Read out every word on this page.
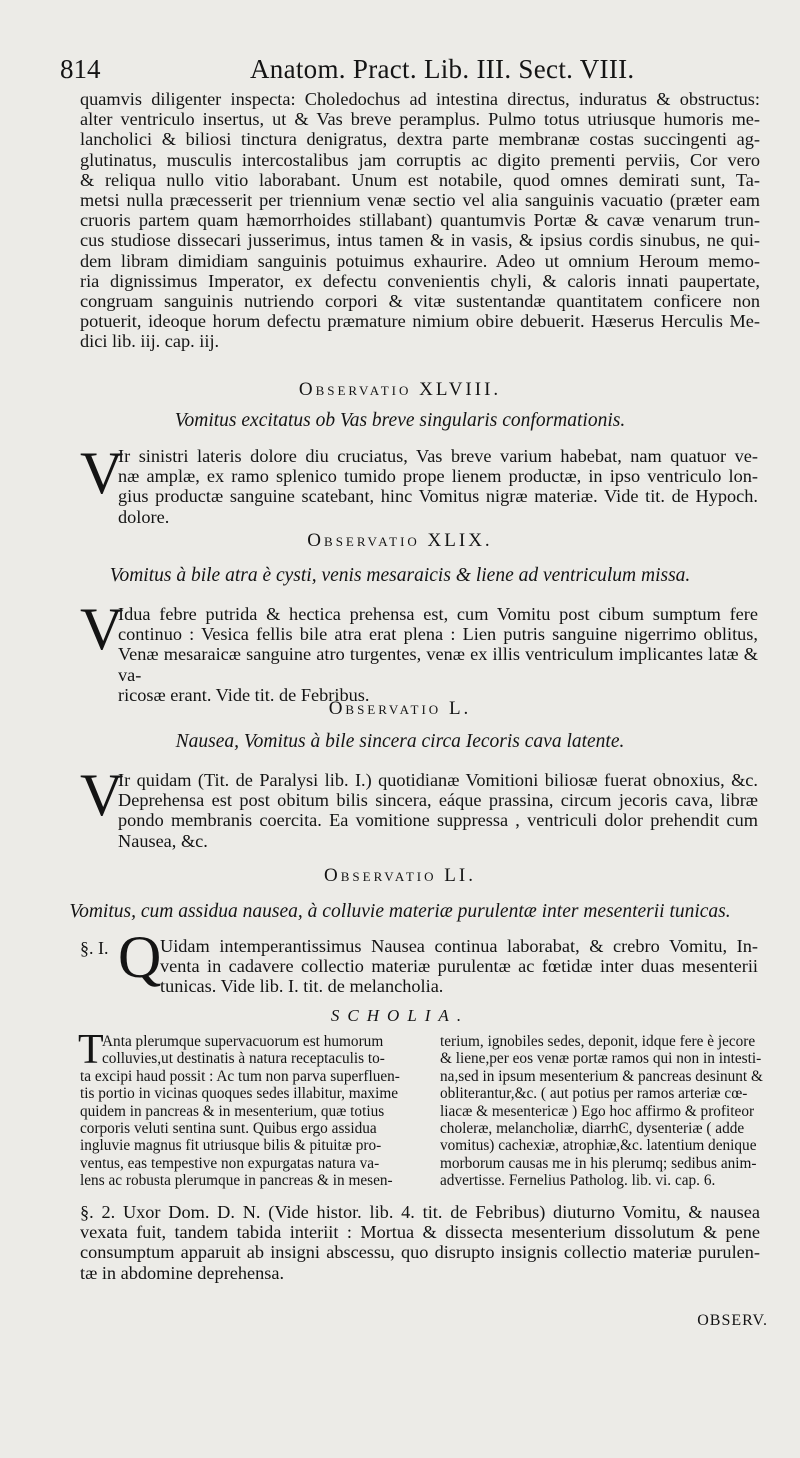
814	Anatom. Pract. Lib. III. Sect. VIII.

quamvis diligenter inspecta: Choledochus ad intestina directus, induratus & obstructus:
alter ventriculo insertus, ut & Vas breve peramplus. Pulmo totus utriusque humoris me-
lancholici & biliosi tinctura denigratus, dextra parte membranæ costas succingenti ag-
glutinatus, musculis intercostalibus jam corruptis ac digito prementi perviis, Cor vero
& reliqua nullo vitio laborabant. Unum est notabile, quod omnes demirati sunt, Ta-
metsi nulla præcesserit per triennium venæ sectio vel alia sanguinis vacuatio (præter eam
cruoris partem quam hæmorrhoides stillabant) quantumvis Portæ & cavæ venarum trun-
cus studiose dissecari jusserimus, intus tamen & in vasis, & ipsius cordis sinubus, ne qui-
dem libram dimidiam sanguinis potuimus exhaurire. Adeo ut omnium Heroum memo-
ria dignissimus Imperator, ex defectu convenientis chyli, & caloris innati paupertate,
congruam sanguinis nutriendo corpori & vitæ sustentandæ quantitatem conficere non
potuerit, ideoque horum defectu præmature nimium obire debuerit. Hæserus Herculis Me-
dici lib. iij. cap. iij.

Observatio XLVIII.
Vomitus excitatus ob Vas breve singularis conformationis.
V

Ir sinistri lateris dolore diu cruciatus, Vas breve varium habebat, nam quatuor ve-
næ amplæ, ex ramo splenico tumido prope lienem productæ, in ipso ventriculo lon-
gius productæ sanguine scatebant, hinc Vomitus nigræ materiæ. Vide tit. de Hypoch. dolore.

Observatio XLIX.
Vomitus à bile atra è cysti, venis mesaraicis & liene ad ventriculum missa.
V

Idua febre putrida & hectica prehensa est, cum Vomitu post cibum sumptum fere
continuo : Vesica fellis bile atra erat plena : Lien putris sanguine nigerrimo oblitus,
Venæ mesaraicæ sanguine atro turgentes, venæ ex illis ventriculum implicantes latæ & va-
ricosæ erant. Vide tit. de Febribus.

Observatio L.
Nausea, Vomitus à bile sincera circa Iecoris cava latente.
V

Ir quidam (Tit. de Paralysi lib. I.) quotidianæ Vomitioni biliosæ fuerat obnoxius, &c.
Deprehensa est post obitum bilis sincera, eáque prassina, circum jecoris cava, libræ
pondo membranis coercita. Ea vomitione suppressa , ventriculi dolor prehendit cum
Nausea, &c.

Observatio LI.
Vomitus, cum assidua nausea, à colluvie materiæ purulentæ inter mesenterii tunicas.
§. I. Q

Uidam intemperantissimus Nausea continua laborabat, & crebro Vomitu, In-
venta in cadavere collectio materiæ purulentæ ac fœtidæ inter duas mesenterii
tunicas. Vide lib. I. tit. de melancholia.

SCHOLIA.
T
Anta plerumque supervacuorum est humorum
colluvies,ut destinatis à natura receptaculis to-
ta excipi haud possit : Ac tum non parva superfluen-
tis portio in vicinas quoques sedes illabitur, maxime
quidem in pancreas & in mesenterium, quæ totius
corporis veluti sentina sunt. Quibus ergo assidua
ingluvie magnus fit utriusque bilis & pituitæ pro-
ventus, eas tempestive non expurgatas natura va-
lens ac robusta plerumque in pancreas & in mesen-
terium, ignobiles sedes, deponit, idque fere è jecore
& liene,per eos venæ portæ ramos qui non in intesti-
na,sed in ipsum mesenterium & pancreas desinunt &
obliterantur,&c. ( aut potius per ramos arteriæ cœ-
liacæ & mesentericæ ) Ego hoc affirmo & profiteor
choleræ, melancholiæ, diarrhϾ, dysenteriæ ( adde
vomitus) cachexiæ, atrophiæ,&c. latentium denique
morborum causas me in his plerumq; sedibus anim-
advertisse. Fernelius Patholog. lib. vi. cap. 6.

§. 2. Uxor Dom. D. N. (Vide histor. lib. 4. tit. de Febribus) diuturno Vomitu, & nausea
vexata fuit, tandem tabida interiit : Mortua & dissecta mesenterium dissolutum & pene
consumptum apparuit ab insigni abscessu, quo disrupto insignis collectio materiæ purulen-
tæ in abdomine deprehensa.

OBSERV.
